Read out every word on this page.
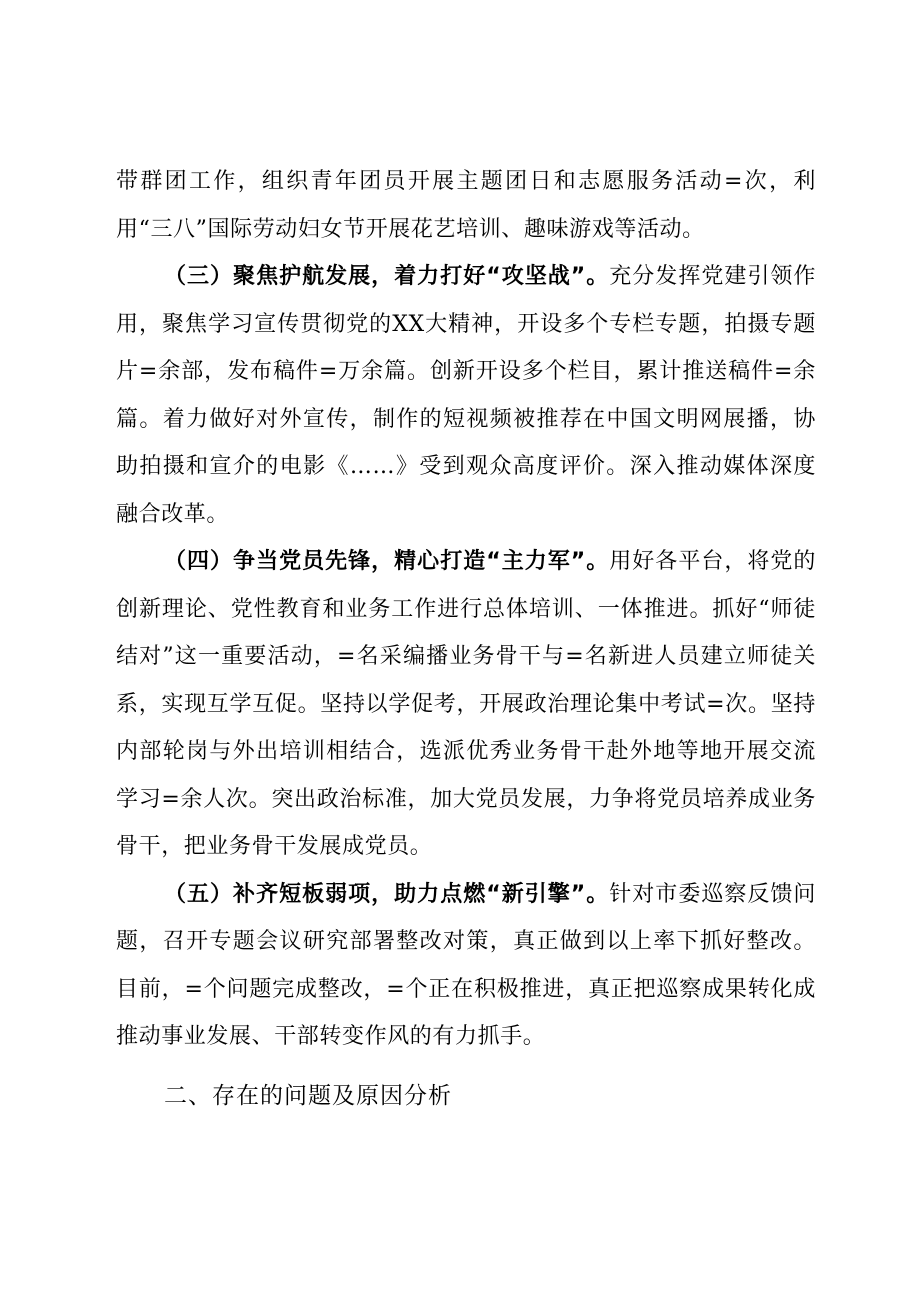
带群团工作，组织青年团员开展主题团日和志愿服务活动=次，利用“三八”国际劳动妇女节开展花艺培训、趣味游戏等活动。

（三）聚焦护航发展，着力打好“攻坚战”。充分发挥党建引领作用，聚焦学习宣传贯彻党的XX大精神，开设多个专栏专题，拍摄专题片=余部，发布稿件=万余篇。创新开设多个栏目，累计推送稿件=余篇。着力做好对外宣传，制作的短视频被推荐在中国文明网展播，协助拍摄和宣介的电影《……》受到观众高度评价。深入推动媒体深度融合改革。

（四）争当党员先锋，精心打造“主力军”。用好各平台，将党的创新理论、党性教育和业务工作进行总体培训、一体推进。抓好“师徒结对”这一重要活动，=名采编播业务骨干与=名新进人员建立师徒关系，实现互学互促。坚持以学促考，开展政治理论集中考试=次。坚持内部轮岗与外出培训相结合，选派优秀业务骨干赴外地等地开展交流学习=余人次。突出政治标准，加大党员发展，力争将党员培养成业务骨干，把业务骨干发展成党员。

（五）补齐短板弱项，助力点燃“新引擎”。针对市委巡察反馈问题，召开专题会议研究部署整改对策，真正做到以上率下抓好整改。目前，=个问题完成整改，=个正在积极推进，真正把巡察成果转化成推动事业发展、干部转变作风的有力抓手。

二、存在的问题及原因分析
